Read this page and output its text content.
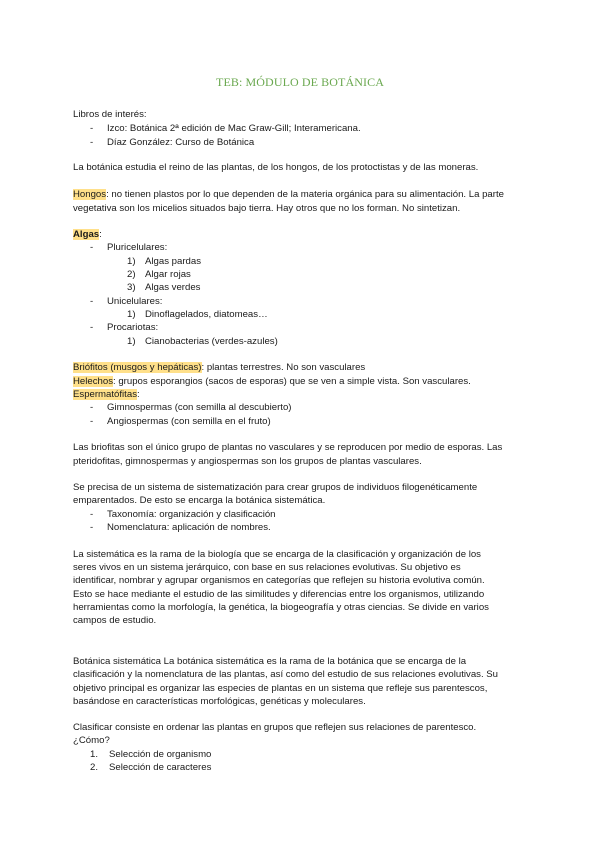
TEB: MÓDULO DE BOTÁNICA
Libros de interés:
-	Izco: Botánica 2ª edición de Mac Graw-Gill; Interamericana.
-	Díaz González: Curso de Botánica
La botánica estudia el reino de las plantas, de los hongos, de los protoctistas y de las moneras.
Hongos: no tienen plastos por lo que dependen de la materia orgánica para su alimentación. La parte
vegetativa son los micelios situados bajo tierra. Hay otros que no los forman. No sintetizan.
Algas:
-	Pluricelulares:
1) Algas pardas
2) Algar rojas
3) Algas verdes
-	Unicelulares:
1) Dinoflagelados, diatomeas…
-	Procariotas:
1) Cianobacterias (verdes-azules)
Briófitos (musgos y hepáticas): plantas terrestres. No son vasculares
Helechos: grupos esporangios (sacos de esporas) que se ven a simple vista. Son vasculares.
Espermatófitas:
-	Gimnospermas (con semilla al descubierto)
-	Angiospermas (con semilla en el fruto)
Las briofitas son el único grupo de plantas no vasculares y se reproducen por medio de esporas. Las
pteridofitas, gimnospermas y angiospermas son los grupos de plantas vasculares.
Se precisa de un sistema de sistematización para crear grupos de individuos filogenéticamente
emparentados. De esto se encarga la botánica sistemática.
-	Taxonomía: organización y clasificación
-	Nomenclatura: aplicación de nombres.
La sistemática es la rama de la biología que se encarga de la clasificación y organización de los
seres vivos en un sistema jerárquico, con base en sus relaciones evolutivas. Su objetivo es
identificar, nombrar y agrupar organismos en categorías que reflejen su historia evolutiva común.
Esto se hace mediante el estudio de las similitudes y diferencias entre los organismos, utilizando
herramientas como la morfología, la genética, la biogeografía y otras ciencias. Se divide en varios
campos de estudio.
Botánica sistemática La botánica sistemática es la rama de la botánica que se encarga de la
clasificación y la nomenclatura de las plantas, así como del estudio de sus relaciones evolutivas. Su
objetivo principal es organizar las especies de plantas en un sistema que refleje sus parentescos,
basándose en características morfológicas, genéticas y moleculares.
Clasificar consiste en ordenar las plantas en grupos que reflejen sus relaciones de parentesco.
¿Cómo?
1. Selección de organismo
2. Selección de caracteres
